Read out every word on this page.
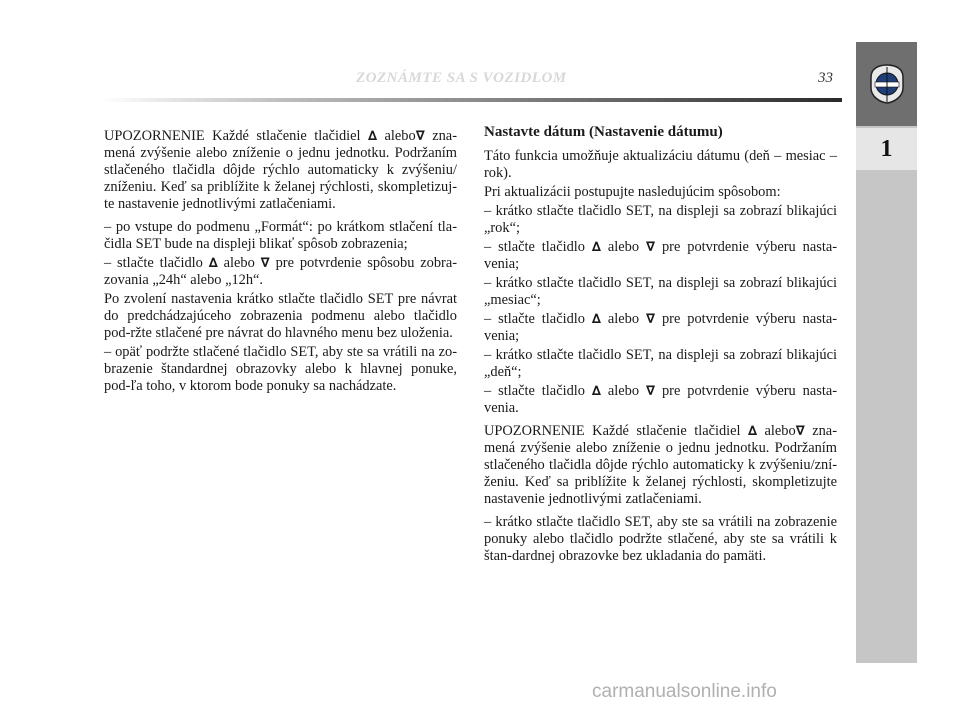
ZOZNÁMTE SA S VOZIDLOM	33
1

UPOZORNENIE Každé stlačenie tlačidiel ∆ alebo∇ zna-mená zvýšenie alebo zníženie o jednu jednotku. Podržaním stlačeného tlačidla dôjde rýchlo automaticky k zvýšeniu/ zníženiu. Keď sa priblížite k želanej rýchlosti, skompletizuj-te nastavenie jednotlivými zatlačeniami.

– po vstupe do podmenu „Formát“: po krátkom stlačení tla-čidla SET bude na displeji blikať spôsob zobrazenia;

– stlačte tlačidlo ∆ alebo ∇ pre potvrdenie spôsobu zobra-zovania „24h“ alebo „12h“.

Po zvolení nastavenia krátko stlačte tlačidlo SET pre návrat do predchádzajúceho zobrazenia podmenu alebo tlačidlo pod-ržte stlačené pre návrat do hlavného menu bez uloženia.

– opäť podržte stlačené tlačidlo SET, aby ste sa vrátili na zo-brazenie štandardnej obrazovky alebo k hlavnej ponuke, pod-ľa toho, v ktorom bode ponuky sa nachádzate.

Nastavte dátum (Nastavenie dátumu)

Táto funkcia umožňuje aktualizáciu dátumu (deň – mesiac – rok).

Pri aktualizácii postupujte nasledujúcim spôsobom:

– krátko stlačte tlačidlo SET, na displeji sa zobrazí blikajúci „rok“;

– stlačte tlačidlo ∆ alebo ∇ pre potvrdenie výberu nasta-venia;

– krátko stlačte tlačidlo SET, na displeji sa zobrazí blikajúci „mesiac“;

– stlačte tlačidlo ∆ alebo ∇ pre potvrdenie výberu nasta-venia;

– krátko stlačte tlačidlo SET, na displeji sa zobrazí blikajúci „deň“;

– stlačte tlačidlo ∆ alebo ∇ pre potvrdenie výberu nasta-venia.

UPOZORNENIE Každé stlačenie tlačidiel ∆ alebo∇ zna-mená zvýšenie alebo zníženie o jednu jednotku. Podržaním stlačeného tlačidla dôjde rýchlo automaticky k zvýšeniu/zní-ženiu. Keď sa priblížite k želanej rýchlosti, skompletizujte nastavenie jednotlivými zatlačeniami.

– krátko stlačte tlačidlo SET, aby ste sa vrátili na zobrazenie ponuky alebo tlačidlo podržte stlačené, aby ste sa vrátili k štan-dardnej obrazovke bez ukladania do pamäti.

carmanualsonline.info
